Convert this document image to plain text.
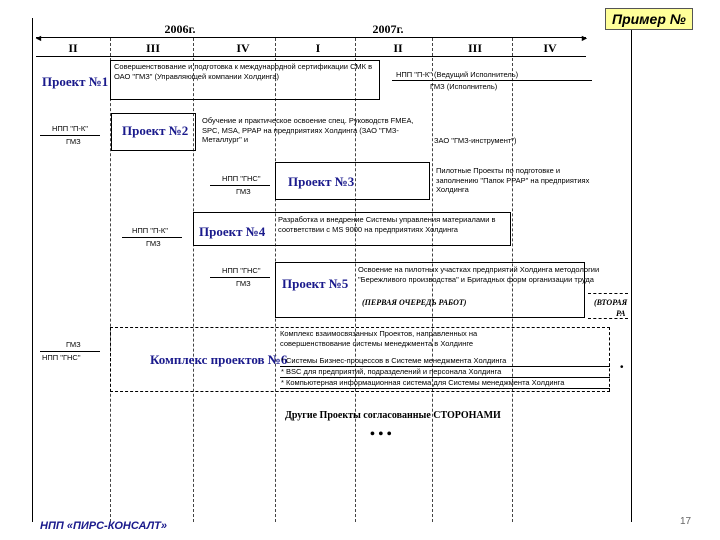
2006г.	2007г.
◄	►
II	III	IV	I	II	III	IV
Пример №
Проект №1
Совершенствование и подготовка к международной сертификации СМК в ОАО "ГМЗ" (Управляющей компании Холдинга)	НПП "П-К" (Ведущий Исполнитель)
ГМЗ (Исполнитель)
НПП "П-К"
ГМЗ
Проект №2
Обучение и практическое освоение спец. Руководств FMEA, SPC, MSA, PPAP на предприятиях Холдинга (ЗАО "ГМЗ-Металлург" и	ЗАО "ГМЗ-инструмент")
НПП "ГНС"
ГМЗ
Проект №3
Пилотные Проекты по подготовке и заполнению "Папок PPAP" на предприятиях Холдинга
НПП "П-К"
ГМЗ
Проект №4
Разработка и внедрение Системы управления материалами в соответствии с MS 9000 на предприятиях Холдинга
НПП "ГНС"
ГМЗ Проект №5
Освоение на пилотных участках предприятий Холдинга методологии "Бережливого производства" и Бригадных форм организации труда
(ПЕРВАЯ ОЧЕРЕДЬ РАБОТ)	(ВТОРАЯ
РА
ГМЗ
НПП "ГНС"	Комплекс проектов №6
Комплекс взаимосвязанных Проектов, направленных на совершенствование системы менеджмента в Холдинге
* Системы Бизнес-процессов в Системе менеджмента Холдинга
* BSC для предприятий, подразделений и персонала Холдинга
* Компьютерная информационная система для Системы менеджмента Холдинга
•
Другие Проекты согласованные СТОРОНАМИ
• • •
НПП «ПИРС-КОНСАЛТ»	17
